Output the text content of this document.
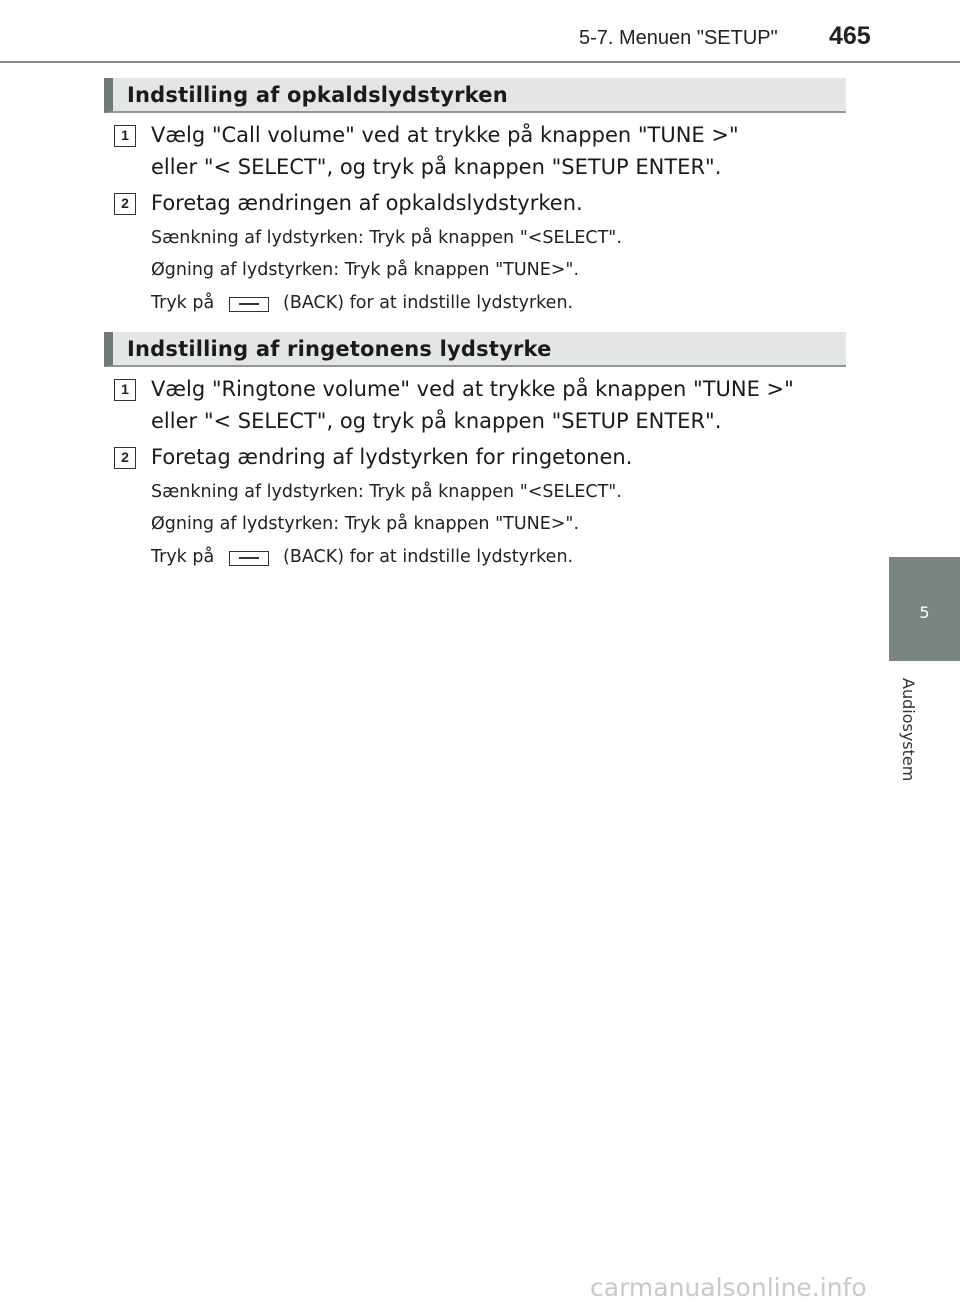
5-7. Menuen "SETUP" 465
Indstilling af opkaldslydstyrken
1	Vælg "Call volume" ved at trykke på knappen "TUNE >"
eller "< SELECT", og tryk på knappen "SETUP ENTER".
2	Foretag ændringen af opkaldslydstyrken.
Sænkning af lydstyrken: Tryk på knappen "<SELECT".
Øgning af lydstyrken: Tryk på knappen "TUNE>".
Tryk på	(BACK) for at indstille lydstyrken.
Indstilling af ringetonens lydstyrke
1	Vælg "Ringtone volume" ved at trykke på knappen "TUNE >"
eller "< SELECT", og tryk på knappen "SETUP ENTER".
2	Foretag ændring af lydstyrken for ringetonen.
Sænkning af lydstyrken: Tryk på knappen "<SELECT".
Øgning af lydstyrken: Tryk på knappen "TUNE>".
Tryk på	(BACK) for at indstille lydstyrken.
5
Audiosystem
carmanualsonline.info
